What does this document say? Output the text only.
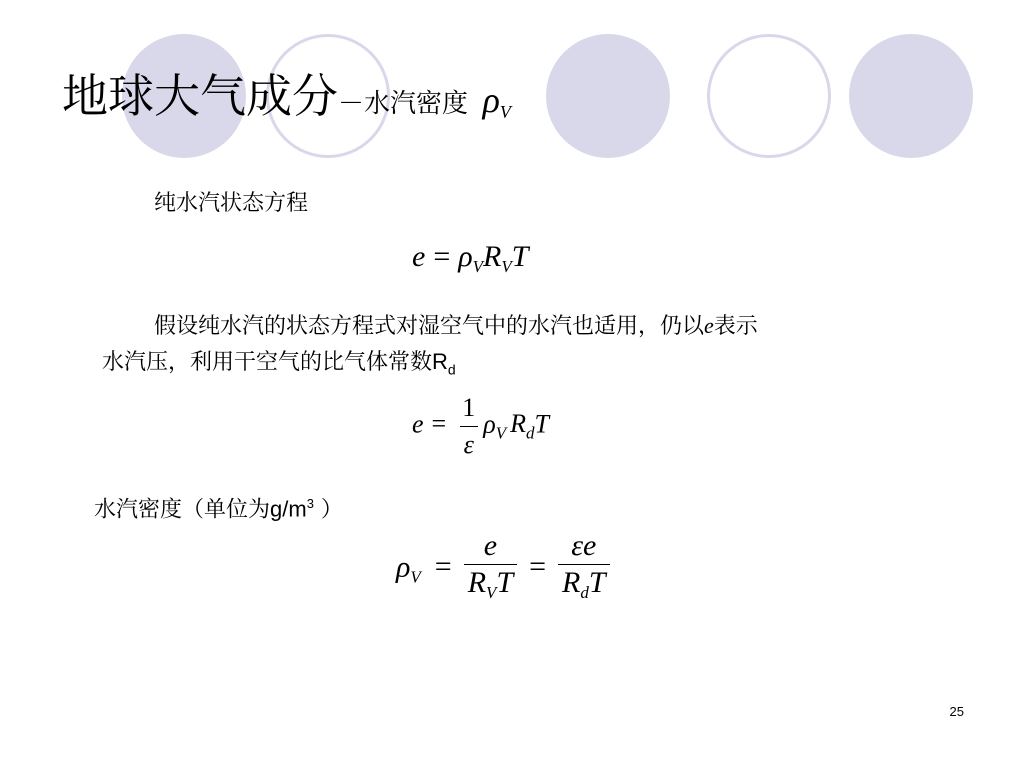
地球大气成分－水汽密度 $\rho_V$
纯水汽状态方程
$e = \rho_VR_VT$
假设纯水汽的状态方程式对湿空气中的水汽也适用，仍以e表示
水汽压，利用干空气的比气体常数$R_d$
$e = \frac{1}{\varepsilon} \rho_V$ $R_dT$
水汽密度（单位为$g/m^3$ ）
$\rho_V = \frac{e}{R_VT} = \frac{\varepsilon e}{R_dT}$
25
